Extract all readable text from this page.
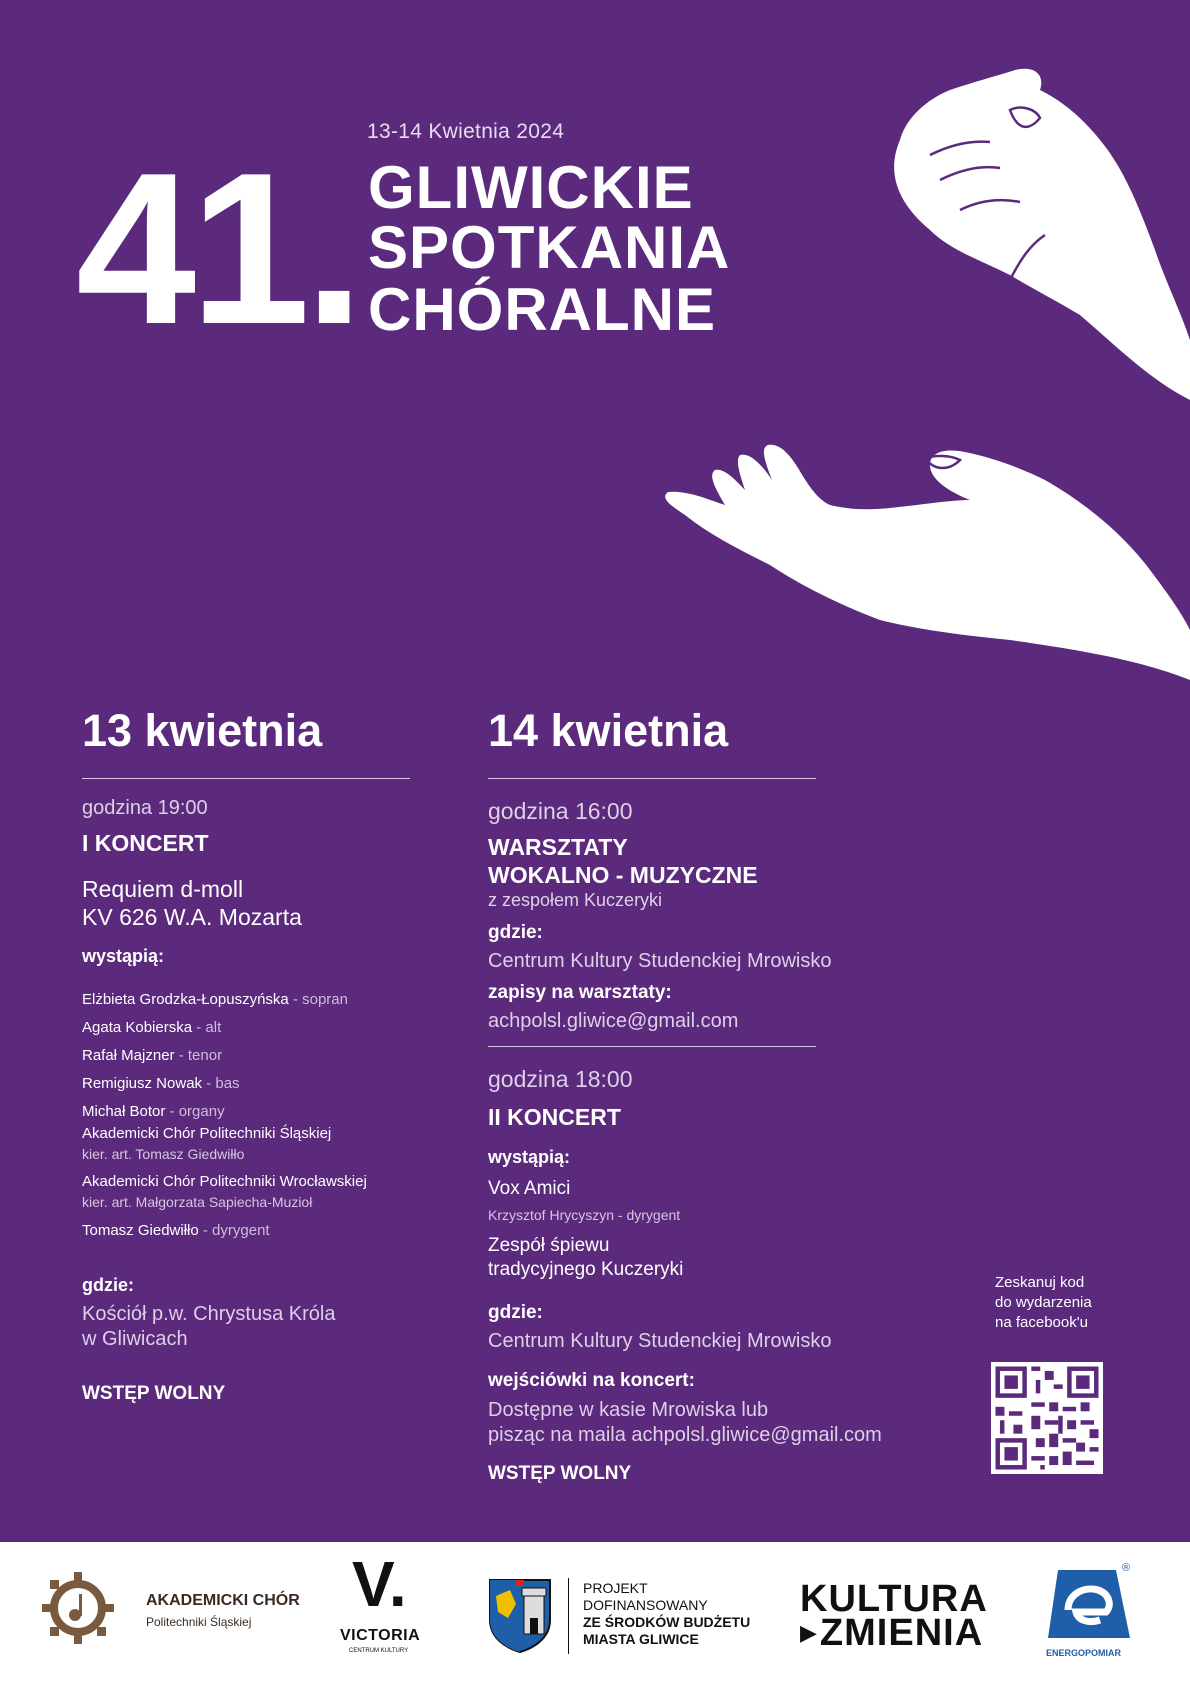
13-14 Kwietnia 2024
41. GLIWICKIE
SPOTKANIA
CHÓRALNE
13 kwietnia
godzina 19:00
I KONCERT
Requiem d-moll
KV 626 W.A. Mozarta
wystąpią:
Elżbieta Grodzka-Łopuszyńska - sopran
Agata Kobierska - alt
Rafał Majzner - tenor
Remigiusz Nowak - bas
Michał Botor - organy
Akademicki Chór Politechniki Śląskiej
kier. art. Tomasz Giedwiłło
Akademicki Chór Politechniki Wrocławskiej
kier. art. Małgorzata Sapiecha-Muzioł
Tomasz Giedwiłło - dyrygent
gdzie:
Kościół p.w. Chrystusa Króla
w Gliwicach
WSTĘP WOLNY
14 kwietnia
godzina 16:00
WARSZTATY
WOKALNO - MUZYCZNE
z zespołem Kuczeryki
gdzie:
Centrum Kultury Studenckiej Mrowisko
zapisy na warsztaty:
achpolsl.gliwice@gmail.com
godzina 18:00
II KONCERT
wystąpią:
Vox Amici
Krzysztof Hrycyszyn - dyrygent
Zespół śpiewu
tradycyjnego Kuczeryki
gdzie:
Centrum Kultury Studenckiej Mrowisko
wejściówki na koncert:
Dostępne w kasie Mrowiska lub
pisząc na maila achpolsl.gliwice@gmail.com
WSTĘP WOLNY
Zeskanuj kod
do wydarzenia
na facebook'u
AKADEMICKI CHÓR
Politechniki Śląskiej
V.
VICTORIA
CENTRUM KULTURY
PROJEKT
DOFINANSOWANY
ZE ŚRODKÓW BUDŻETU
MIASTA GLIWICE
KULTURA
▶ ZMIENIA
®
ENERGOPOMIAR
